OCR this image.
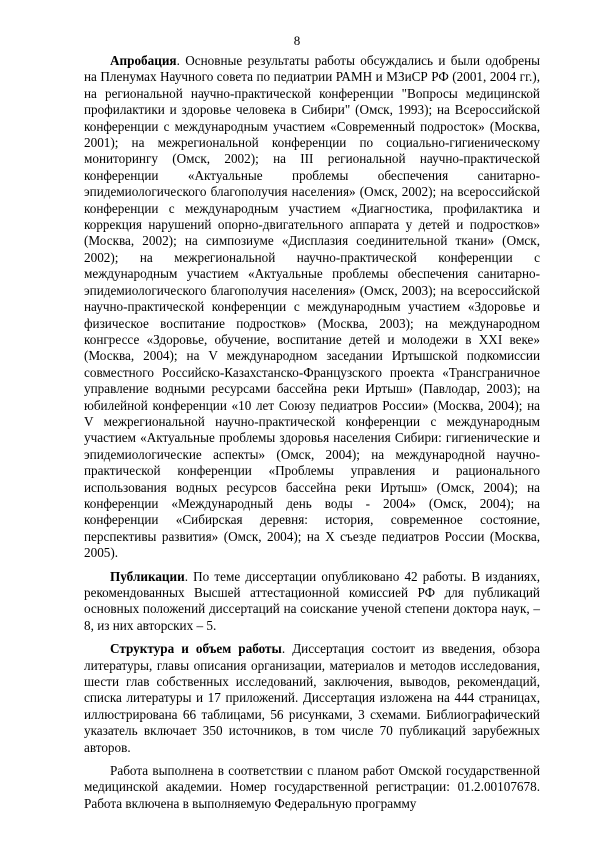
8

Апробация. Основные результаты работы обсуждались и были одобрены на Пленумах Научного совета по педиатрии РАМН и МЗиСР РФ (2001, 2004 гг.), на региональной научно-практической конференции "Вопросы медицинской профилактики и здоровье человека в Сибири" (Омск, 1993); на Всероссийской конференции с международным участием «Современный подросток» (Москва, 2001); на межрегиональной конференции по социально-гигиеническому мониторингу (Омск, 2002); на III региональной научно-практической конференции «Актуальные проблемы обеспечения санитарно-эпидемиологического благополучия населения» (Омск, 2002); на всероссийской конференции с международным участием «Диагностика, профилактика и коррекция нарушений опорно-двигательного аппарата у детей и подростков» (Москва, 2002); на симпозиуме «Дисплазия соединительной ткани» (Омск, 2002); на межрегиональной научно-практической конференции с международным участием «Актуальные проблемы обеспечения санитарно-эпидемиологического благополучия населения» (Омск, 2003); на всероссийской научно-практической конференции с международным участием «Здоровье и физическое воспитание подростков» (Москва, 2003); на международном конгрессе «Здоровье, обучение, воспитание детей и молодежи в XXI веке» (Москва, 2004); на V международном заседании Иртышской подкомиссии совместного Российско-Казахстанско-Французского проекта «Трансграничное управление водными ресурсами бассейна реки Иртыш» (Павлодар, 2003); на юбилейной конференции «10 лет Союзу педиатров России» (Москва, 2004); на V межрегиональной научно-практической конференции с международным участием «Актуальные проблемы здоровья населения Сибири: гигиенические и эпидемиологические аспекты» (Омск, 2004); на международной научно-практической конференции «Проблемы управления и рационального использования водных ресурсов бассейна реки Иртыш» (Омск, 2004); на конференции «Международный день воды - 2004» (Омск, 2004); на конференции «Сибирская деревня: история, современное состояние, перспективы развития» (Омск, 2004); на X съезде педиатров России (Москва, 2005).

Публикации. По теме диссертации опубликовано 42 работы. В изданиях, рекомендованных Высшей аттестационной комиссией РФ для публикаций основных положений диссертаций на соискание ученой степени доктора наук, – 8, из них авторских – 5.

Структура и объем работы. Диссертация состоит из введения, обзора литературы, главы описания организации, материалов и методов исследования, шести глав собственных исследований, заключения, выводов, рекомендаций, списка литературы и 17 приложений. Диссертация изложена на 444 страницах, иллюстрирована 66 таблицами, 56 рисунками, 3 схемами. Библиографический указатель включает 350 источников, в том числе 70 публикаций зарубежных авторов.

Работа выполнена в соответствии с планом работ Омской государственной медицинской академии. Номер государственной регистрации: 01.2.00107678. Работа включена в выполняемую Федеральную программу
